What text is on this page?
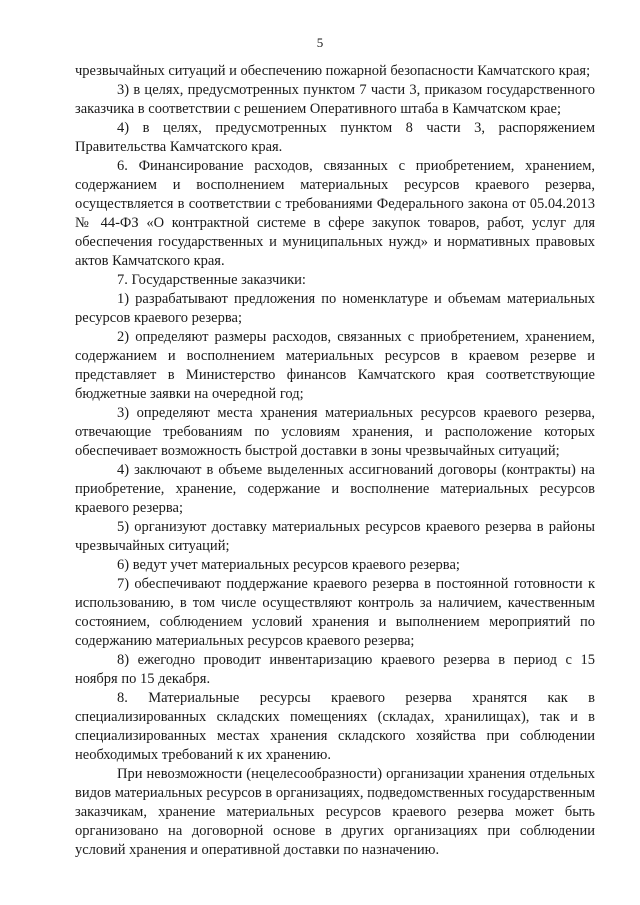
5

чрезвычайных ситуаций и обеспечению пожарной безопасности Камчатского края;

3) в целях, предусмотренных пунктом 7 части 3, приказом государственного заказчика в соответствии с решением Оперативного штаба в Камчатском крае;

4) в целях, предусмотренных пунктом 8 части 3, распоряжением Правительства Камчатского края.

6. Финансирование расходов, связанных с приобретением, хранением, содержанием и восполнением материальных ресурсов краевого резерва, осуществляется в соответствии с требованиями Федерального закона от 05.04.2013 № 44-ФЗ «О контрактной системе в сфере закупок товаров, работ, услуг для обеспечения государственных и муниципальных нужд» и нормативных правовых актов Камчатского края.

7. Государственные заказчики:

1) разрабатывают предложения по номенклатуре и объемам материальных ресурсов краевого резерва;

2) определяют размеры расходов, связанных с приобретением, хранением, содержанием и восполнением материальных ресурсов в краевом резерве и представляет в Министерство финансов Камчатского края соответствующие бюджетные заявки на очередной год;

3) определяют места хранения материальных ресурсов краевого резерва, отвечающие требованиям по условиям хранения, и расположение которых обеспечивает возможность быстрой доставки в зоны чрезвычайных ситуаций;

4) заключают в объеме выделенных ассигнований договоры (контракты) на приобретение, хранение, содержание и восполнение материальных ресурсов краевого резерва;

5) организуют доставку материальных ресурсов краевого резерва в районы чрезвычайных ситуаций;

6) ведут учет материальных ресурсов краевого резерва;

7) обеспечивают поддержание краевого резерва в постоянной готовности к использованию, в том числе осуществляют контроль за наличием, качественным состоянием, соблюдением условий хранения и выполнением мероприятий по содержанию материальных ресурсов краевого резерва;

8) ежегодно проводит инвентаризацию краевого резерва в период с 15 ноября по 15 декабря.

8. Материальные ресурсы краевого резерва хранятся как в специализированных складских помещениях (складах, хранилищах), так и в специализированных местах хранения складского хозяйства при соблюдении необходимых требований к их хранению.

При невозможности (нецелесообразности) организации хранения отдельных видов материальных ресурсов в организациях, подведомственных государственным заказчикам, хранение материальных ресурсов краевого резерва может быть организовано на договорной основе в других организациях при соблюдении условий хранения и оперативной доставки по назначению.
